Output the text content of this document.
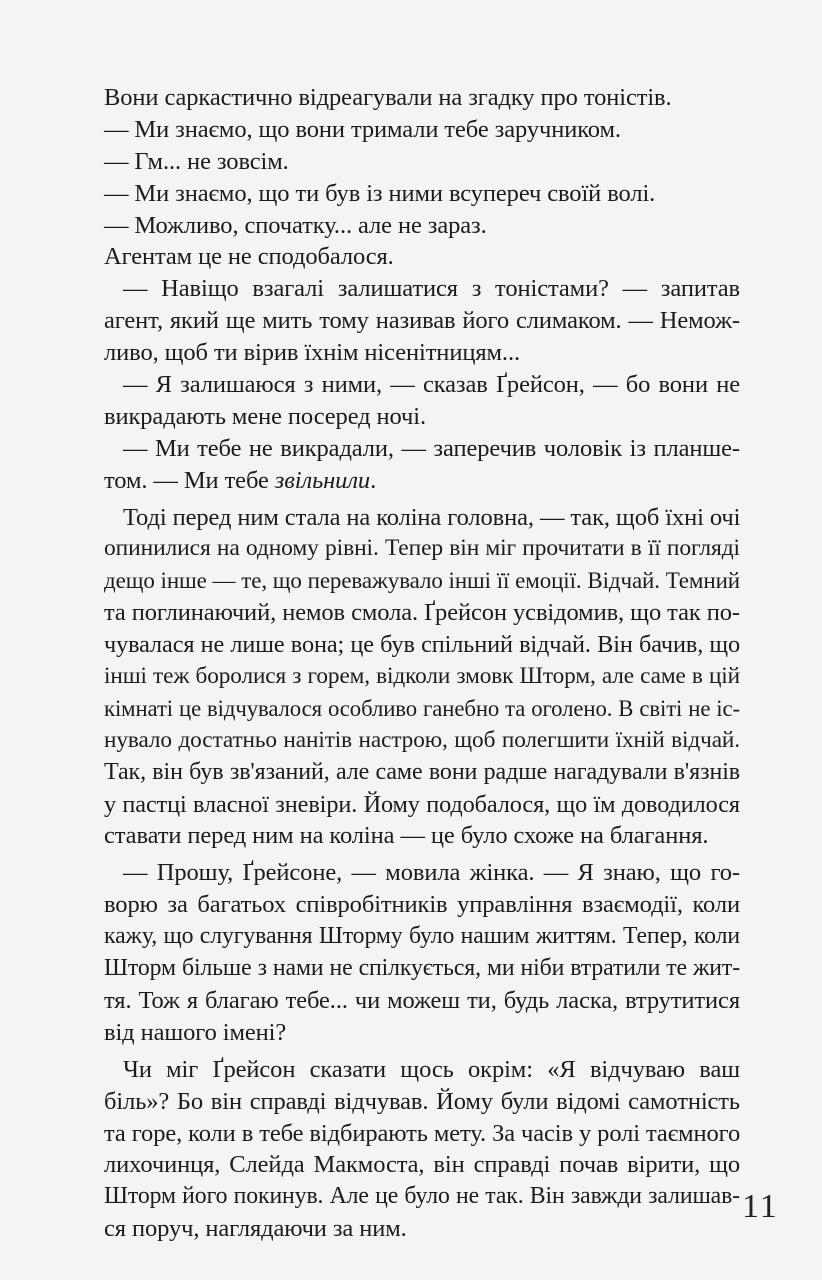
Вони саркастично відреагували на згадку про тоністів.
— Ми знаємо, що вони тримали тебе заручником.
— Гм... не зовсім.
— Ми знаємо, що ти був із ними всупереч своїй волі.
— Можливо, спочатку... але не зараз.
Агентам це не сподобалося.
— Навіщо взагалі залишатися з тоністами? — запитав
агент, який ще мить тому називав його слимаком. — Немож-
ливо, щоб ти вірив їхнім нісенітницям...
— Я залишаюся з ними, — сказав Ґрейсон, — бо вони не
викрадають мене посеред ночі.
— Ми тебе не викрадали, — заперечив чоловік із планше-
том. — Ми тебе звільнили.
Тоді перед ним стала на коліна головна, — так, щоб їхні очі
опинилися на одному рівні. Тепер він міг прочитати в її погляді
дещо інше — те, що переважувало інші її емоції. Відчай. Темний
та поглинаючий, немов смола. Ґрейсон усвідомив, що так по-
чувалася не лише вона; це був спільний відчай. Він бачив, що
інші теж боролися з горем, відколи змовк Шторм, але саме в цій
кімнаті це відчувалося особливо ганебно та оголено. В світі не іс-
нувало достатньо нанітів настрою, щоб полегшити їхній відчай.
Так, він був зв'язаний, але саме вони радше нагадували в'язнів
у пастці власної зневіри. Йому подобалося, що їм доводилося
ставати перед ним на коліна — це було схоже на благання.
— Прошу, Ґрейсоне, — мовила жінка. — Я знаю, що го-
ворю за багатьох співробітників управління взаємодії, коли
кажу, що слугування Шторму було нашим життям. Тепер, коли
Шторм більше з нами не спілкується, ми ніби втратили те жит-
тя. Тож я благаю тебе... чи можеш ти, будь ласка, втрутитися
від нашого імені?
Чи міг Ґрейсон сказати щось окрім: «Я відчуваю ваш
біль»? Бо він справді відчував. Йому були відомі самотність
та горе, коли в тебе відбирають мету. За часів у ролі таємного
лихочинця, Слейда Макмоста, він справді почав вірити, що
Шторм його покинув. Але це було не так. Він завжди залишав-
ся поруч, наглядаючи за ним.
11
